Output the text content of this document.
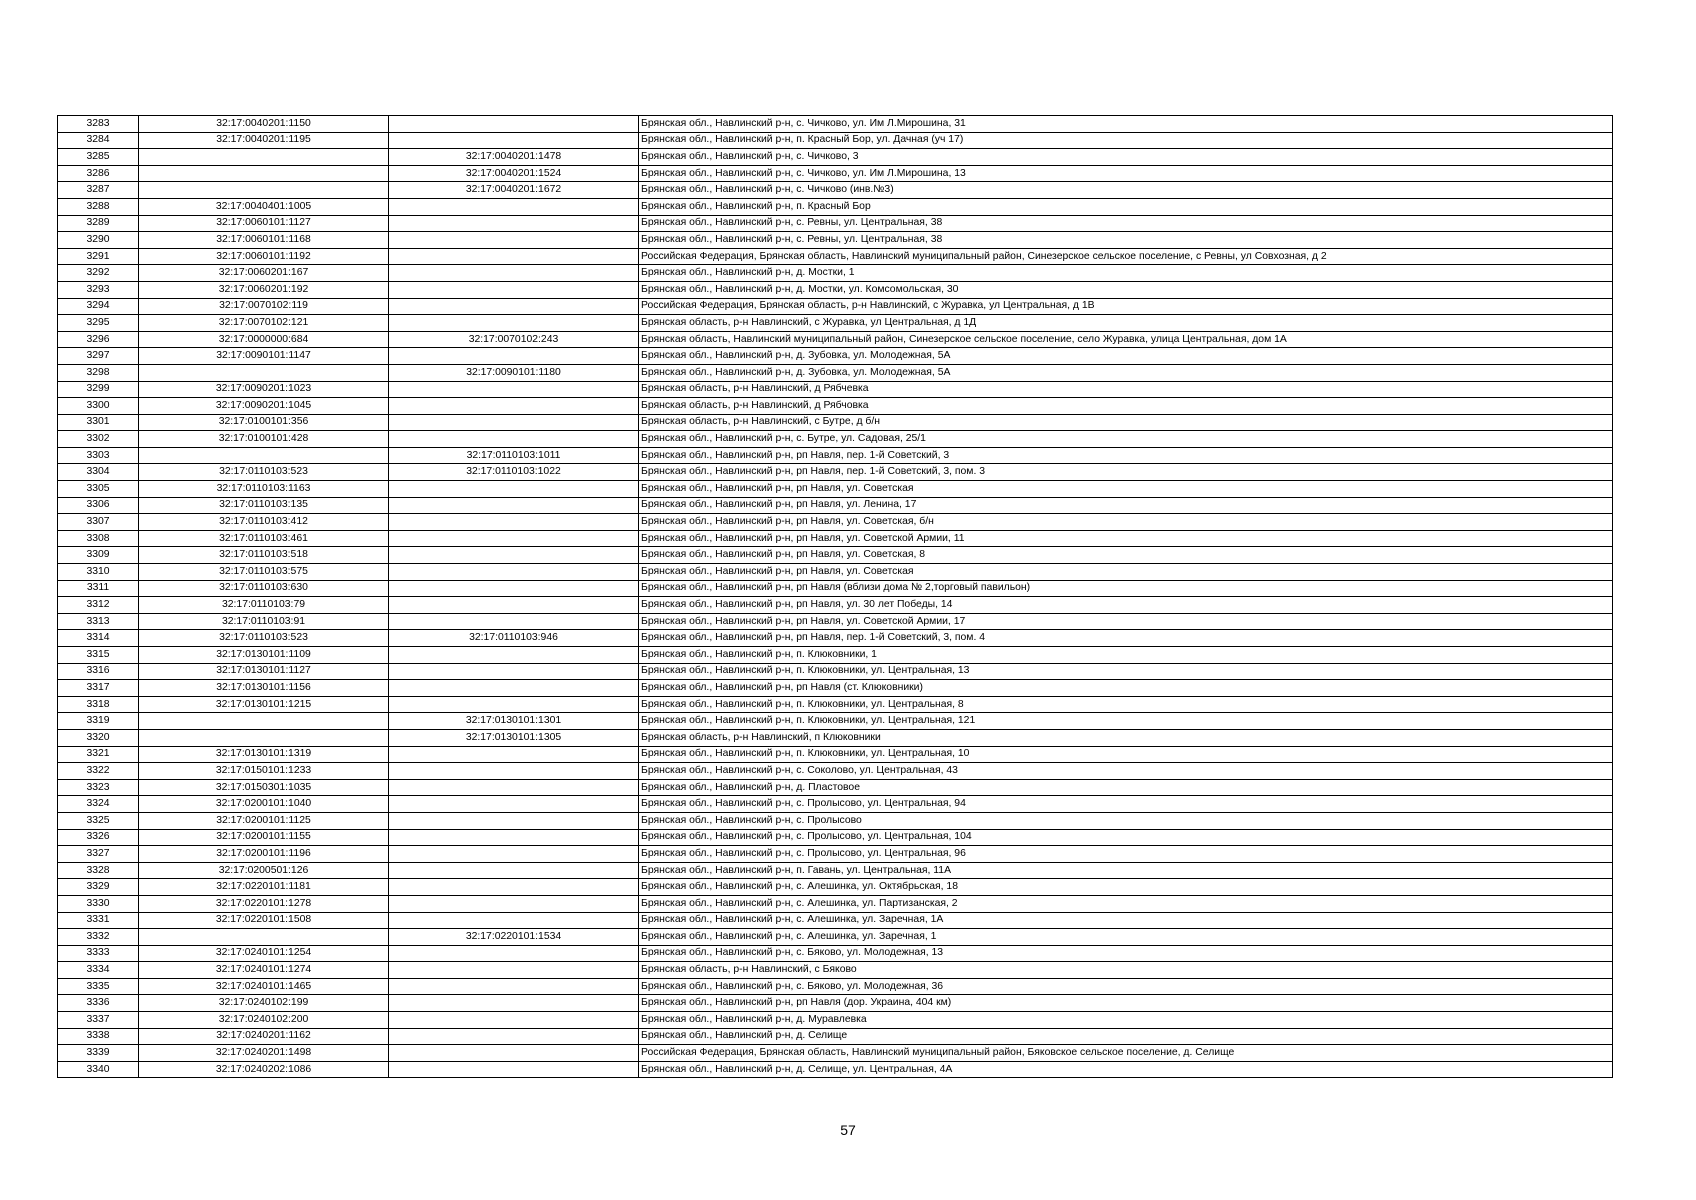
3283	32:17:0040201:1150		Брянская обл., Навлинский р-н, с. Чичково, ул. Им Л.Мирошина, 31
3284	32:17:0040201:1195		Брянская обл., Навлинский р-н, п. Красный Бор, ул. Дачная (уч 17)
3285		32:17:0040201:1478	Брянская обл., Навлинский р-н, с. Чичково, 3
3286		32:17:0040201:1524	Брянская обл., Навлинский р-н, с. Чичково, ул. Им Л.Мирошина, 13
3287		32:17:0040201:1672	Брянская обл., Навлинский р-н, с. Чичково (инв.№3)
3288	32:17:0040401:1005		Брянская обл., Навлинский р-н, п. Красный Бор
3289	32:17:0060101:1127		Брянская обл., Навлинский р-н, с. Ревны, ул. Центральная, 38
3290	32:17:0060101:1168		Брянская обл., Навлинский р-н, с. Ревны, ул. Центральная, 38
3291	32:17:0060101:1192		Российская Федерация, Брянская область, Навлинский муниципальный район, Синезерское сельское поселение, с Ревны, ул Совхозная, д 2
3292	32:17:0060201:167		Брянская обл., Навлинский р-н, д. Мостки, 1
3293	32:17:0060201:192		Брянская обл., Навлинский р-н, д. Мостки, ул. Комсомольская, 30
3294	32:17:0070102:119		Российская Федерация, Брянская область, р-н Навлинский, с Журавка, ул Центральная, д 1В
3295	32:17:0070102:121		Брянская область, р-н Навлинский, с Журавка, ул Центральная, д 1Д
3296	32:17:0000000:684	32:17:0070102:243	Брянская область, Навлинский муниципальный район, Синезерское сельское поселение, село Журавка, улица Центральная, дом 1А
3297	32:17:0090101:1147		Брянская обл., Навлинский р-н, д. Зубовка, ул. Молодежная, 5А
3298		32:17:0090101:1180	Брянская обл., Навлинский р-н, д. Зубовка, ул. Молодежная, 5А
3299	32:17:0090201:1023		Брянская область, р-н Навлинский, д Рябчевка
3300	32:17:0090201:1045		Брянская область, р-н Навлинский, д Рябчовка
3301	32:17:0100101:356		Брянская область, р-н Навлинский, с Бутре, д б/н
3302	32:17:0100101:428		Брянская обл., Навлинский р-н, с. Бутре, ул. Садовая, 25/1
3303		32:17:0110103:1011	Брянская обл., Навлинский р-н, рп Навля, пер. 1-й Советский, 3
3304	32:17:0110103:523	32:17:0110103:1022	Брянская обл., Навлинский р-н, рп Навля, пер. 1-й Советский, 3, пом. 3
3305	32:17:0110103:1163		Брянская обл., Навлинский р-н, рп Навля, ул. Советская
3306	32:17:0110103:135		Брянская обл., Навлинский р-н, рп Навля, ул. Ленина, 17
3307	32:17:0110103:412		Брянская обл., Навлинский р-н, рп Навля, ул. Советская, б/н
3308	32:17:0110103:461		Брянская обл., Навлинский р-н, рп Навля, ул. Советской Армии, 11
3309	32:17:0110103:518		Брянская обл., Навлинский р-н, рп Навля, ул. Советская, 8
3310	32:17:0110103:575		Брянская обл., Навлинский р-н, рп Навля, ул. Советская
3311	32:17:0110103:630		Брянская обл., Навлинский р-н, рп Навля (вблизи дома № 2,торговый павильон)
3312	32:17:0110103:79		Брянская обл., Навлинский р-н, рп Навля, ул. 30 лет Победы, 14
3313	32:17:0110103:91		Брянская обл., Навлинский р-н, рп Навля, ул. Советской Армии, 17
3314	32:17:0110103:523	32:17:0110103:946	Брянская обл., Навлинский р-н, рп Навля, пер. 1-й Советский, 3, пом. 4
3315	32:17:0130101:1109		Брянская обл., Навлинский р-н, п. Клюковники, 1
3316	32:17:0130101:1127		Брянская обл., Навлинский р-н, п. Клюковники, ул. Центральная, 13
3317	32:17:0130101:1156		Брянская обл., Навлинский р-н, рп Навля (ст. Клюковники)
3318	32:17:0130101:1215		Брянская обл., Навлинский р-н, п. Клюковники, ул. Центральная, 8
3319		32:17:0130101:1301	Брянская обл., Навлинский р-н, п. Клюковники, ул. Центральная, 121
3320		32:17:0130101:1305	Брянская область, р-н Навлинский, п Клюковники
3321	32:17:0130101:1319		Брянская обл., Навлинский р-н, п. Клюковники, ул. Центральная, 10
3322	32:17:0150101:1233		Брянская обл., Навлинский р-н, с. Соколово, ул. Центральная, 43
3323	32:17:0150301:1035		Брянская обл., Навлинский р-н, д. Пластовое
3324	32:17:0200101:1040		Брянская обл., Навлинский р-н, с. Пролысово, ул. Центральная, 94
3325	32:17:0200101:1125		Брянская обл., Навлинский р-н, с. Пролысово
3326	32:17:0200101:1155		Брянская обл., Навлинский р-н, с. Пролысово, ул. Центральная, 104
3327	32:17:0200101:1196		Брянская обл., Навлинский р-н, с. Пролысово, ул. Центральная, 96
3328	32:17:0200501:126		Брянская обл., Навлинский р-н, п. Гавань, ул. Центральная, 11А
3329	32:17:0220101:1181		Брянская обл., Навлинский р-н, с. Алешинка, ул. Октябрьская, 18
3330	32:17:0220101:1278		Брянская обл., Навлинский р-н, с. Алешинка, ул. Партизанская, 2
3331	32:17:0220101:1508		Брянская обл., Навлинский р-н, с. Алешинка, ул. Заречная, 1А
3332		32:17:0220101:1534	Брянская обл., Навлинский р-н, с. Алешинка, ул. Заречная, 1
3333	32:17:0240101:1254		Брянская обл., Навлинский р-н, с. Бяково, ул. Молодежная, 13
3334	32:17:0240101:1274		Брянская область, р-н Навлинский, с Бяково
3335	32:17:0240101:1465		Брянская обл., Навлинский р-н, с. Бяково, ул. Молодежная, 36
3336	32:17:0240102:199		Брянская обл., Навлинский р-н, рп Навля (дор. Украина, 404 км)
3337	32:17:0240102:200		Брянская обл., Навлинский р-н, д. Муравлевка
3338	32:17:0240201:1162		Брянская обл., Навлинский р-н, д. Селище
3339	32:17:0240201:1498		Российская Федерация, Брянская область, Навлинский муниципальный район, Бяковское сельское поселение, д. Селище
3340	32:17:0240202:1086		Брянская обл., Навлинский р-н, д. Селище, ул. Центральная, 4А
57
